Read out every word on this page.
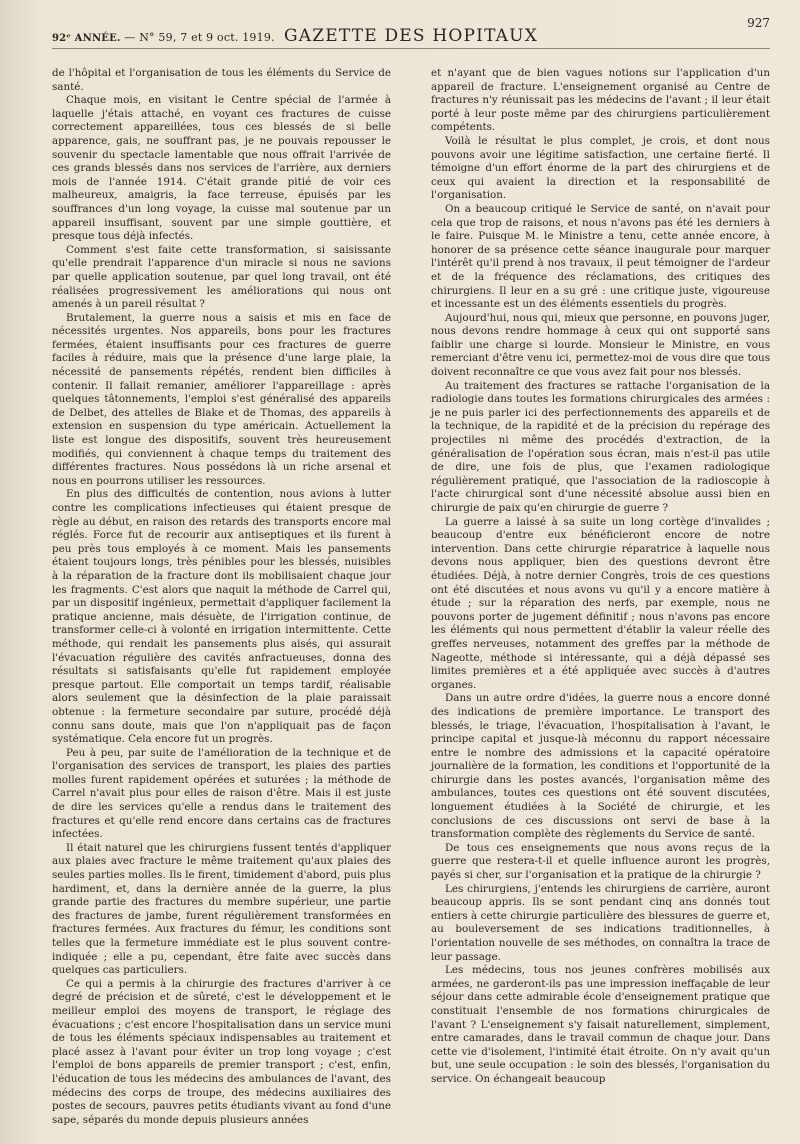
92ᵉ ANNÉE. — N° 59, 7 et 9 oct. 1919. GAZETTE DES HOPITAUX
927

de l'hôpital et l'organisation de tous les éléments du Service de santé.

Chaque mois, en visitant le Centre spécial de l'armée à laquelle j'étais attaché, en voyant ces fractures de cuisse correctement appareillées, tous ces blessés de si belle apparence, gais, ne souffrant pas, je ne pouvais repousser le souvenir du spectacle lamentable que nous offrait l'arrivée de ces grands blessés dans nos services de l'arrière, aux derniers mois de l'année 1914. C'était grande pitié de voir ces malheureux, amaigris, la face terreuse, épuisés par les souffrances d'un long voyage, la cuisse mal soutenue par un appareil insuffisant, souvent par une simple gouttière, et presque tous déjà infectés.

Comment s'est faite cette transformation, si saisissante qu'elle prendrait l'apparence d'un miracle si nous ne savions par quelle application soutenue, par quel long travail, ont été réalisées progressivement les améliorations qui nous ont amenés à un pareil résultat ?

Brutalement, la guerre nous a saisis et mis en face de nécessités urgentes. Nos appareils, bons pour les fractures fermées, étaient insuffisants pour ces fractures de guerre faciles à réduire, mais que la présence d'une large plaie, la nécessité de pansements répétés, rendent bien difficiles à contenir. Il fallait remanier, améliorer l'appareillage : après quelques tâtonnements, l'emploi s'est généralisé des appareils de Delbet, des attelles de Blake et de Thomas, des appareils à extension en suspension du type américain. Actuellement la liste est longue des dispositifs, souvent très heureusement modifiés, qui conviennent à chaque temps du traitement des différentes fractures. Nous possédons là un riche arsenal et nous en pourrons utiliser les ressources.

En plus des difficultés de contention, nous avions à lutter contre les complications infectieuses qui étaient presque de règle au début, en raison des retards des transports encore mal réglés. Force fut de recourir aux antiseptiques et ils furent à peu près tous employés à ce moment. Mais les pansements étaient toujours longs, très pénibles pour les blessés, nuisibles à la réparation de la fracture dont ils mobilisaient chaque jour les fragments. C'est alors que naquit la méthode de Carrel qui, par un dispositif ingénieux, permettait d'appliquer facilement la pratique ancienne, mais désuète, de l'irrigation continue, de transformer celle-ci à volonté en irrigation intermittente. Cette méthode, qui rendait les pansements plus aisés, qui assurait l'évacuation régulière des cavités anfractueuses, donna des résultats si satisfaisants qu'elle fut rapidement employée presque partout. Elle comportait un temps tardif, réalisable alors seulement que la désinfection de la plaie paraissait obtenue : la fermeture secondaire par suture, procédé déjà connu sans doute, mais que l'on n'appliquait pas de façon systématique. Cela encore fut un progrès.

Peu à peu, par suite de l'amélioration de la technique et de l'organisation des services de transport, les plaies des parties molles furent rapidement opérées et suturées ; la méthode de Carrel n'avait plus pour elles de raison d'être. Mais il est juste de dire les services qu'elle a rendus dans le traitement des fractures et qu'elle rend encore dans certains cas de fractures infectées.

Il était naturel que les chirurgiens fussent tentés d'appliquer aux plaies avec fracture le même traitement qu'aux plaies des seules parties molles. Ils le firent, timidement d'abord, puis plus hardiment, et, dans la dernière année de la guerre, la plus grande partie des fractures du membre supérieur, une partie des fractures de jambe, furent régulièrement transformées en fractures fermées. Aux fractures du fémur, les conditions sont telles que la fermeture immédiate est le plus souvent contre-indiquée ; elle a pu, cependant, être faite avec succès dans quelques cas particuliers.

Ce qui a permis à la chirurgie des fractures d'arriver à ce degré de précision et de sûreté, c'est le développement et le meilleur emploi des moyens de transport, le réglage des évacuations ; c'est encore l'hospitalisation dans un service muni de tous les éléments spéciaux indispensables au traitement et placé assez à l'avant pour éviter un trop long voyage ; c'est l'emploi de bons appareils de premier transport ; c'est, enfin, l'éducation de tous les médecins des ambulances de l'avant, des médecins des corps de troupe, des médecins auxiliaires des postes de secours, pauvres petits étudiants vivant au fond d'une sape, séparés du monde depuis plusieurs années

et n'ayant que de bien vagues notions sur l'application d'un appareil de fracture. L'enseignement organisé au Centre de fractures n'y réunissait pas les médecins de l'avant ; il leur était porté à leur poste même par des chirurgiens particulièrement compétents.

Voilà le résultat le plus complet, je crois, et dont nous pouvons avoir une légitime satisfaction, une certaine fierté. Il témoigne d'un effort énorme de la part des chirurgiens et de ceux qui avaient la direction et la responsabilité de l'organisation.

On a beaucoup critiqué le Service de santé, on n'avait pour cela que trop de raisons, et nous n'avons pas été les derniers à le faire. Puisque M. le Ministre a tenu, cette année encore, à honorer de sa présence cette séance inaugurale pour marquer l'intérêt qu'il prend à nos travaux, il peut témoigner de l'ardeur et de la fréquence des réclamations, des critiques des chirurgiens. Il leur en a su gré : une critique juste, vigoureuse et incessante est un des éléments essentiels du progrès.

Aujourd'hui, nous qui, mieux que personne, en pouvons juger, nous devons rendre hommage à ceux qui ont supporté sans faiblir une charge si lourde. Monsieur le Ministre, en vous remerciant d'être venu ici, permettez-moi de vous dire que tous doivent reconnaître ce que vous avez fait pour nos blessés.

Au traitement des fractures se rattache l'organisation de la radiologie dans toutes les formations chirurgicales des armées : je ne puis parler ici des perfectionnements des appareils et de la technique, de la rapidité et de la précision du repérage des projectiles ni même des procédés d'extraction, de la généralisation de l'opération sous écran, mais n'est-il pas utile de dire, une fois de plus, que l'examen radiologique régulièrement pratiqué, que l'association de la radioscopie à l'acte chirurgical sont d'une nécessité absolue aussi bien en chirurgie de paix qu'en chirurgie de guerre ?

La guerre a laissé à sa suite un long cortège d'invalides ; beaucoup d'entre eux bénéficieront encore de notre intervention. Dans cette chirurgie réparatrice à laquelle nous devons nous appliquer, bien des questions devront être étudiées. Déjà, à notre dernier Congrès, trois de ces questions ont été discutées et nous avons vu qu'il y a encore matière à étude ; sur la réparation des nerfs, par exemple, nous ne pouvons porter de jugement définitif ; nous n'avons pas encore les éléments qui nous permettent d'établir la valeur réelle des greffes nerveuses, notamment des greffes par la méthode de Nageotte, méthode si intéressante, qui a déjà dépassé ses limites premières et a été appliquée avec succès à d'autres organes.

Dans un autre ordre d'idées, la guerre nous a encore donné des indications de première importance. Le transport des blessés, le triage, l'évacuation, l'hospitalisation à l'avant, le principe capital et jusque-là méconnu du rapport nécessaire entre le nombre des admissions et la capacité opératoire journalière de la formation, les conditions et l'opportunité de la chirurgie dans les postes avancés, l'organisation même des ambulances, toutes ces questions ont été souvent discutées, longuement étudiées à la Société de chirurgie, et les conclusions de ces discussions ont servi de base à la transformation complète des règlements du Service de santé.

De tous ces enseignements que nous avons reçus de la guerre que restera-t-il et quelle influence auront les progrès, payés si cher, sur l'organisation et la pratique de la chirurgie ?

Les chirurgiens, j'entends les chirurgiens de carrière, auront beaucoup appris. Ils se sont pendant cinq ans donnés tout entiers à cette chirurgie particulière des blessures de guerre et, au bouleversement de ses indications traditionnelles, à l'orientation nouvelle de ses méthodes, on connaîtra la trace de leur passage.

Les médecins, tous nos jeunes confrères mobilisés aux armées, ne garderont-ils pas une impression ineffaçable de leur séjour dans cette admirable école d'enseignement pratique que constituait l'ensemble de nos formations chirurgicales de l'avant ? L'enseignement s'y faisait naturellement, simplement, entre camarades, dans le travail commun de chaque jour. Dans cette vie d'isolement, l'intimité était étroite. On n'y avait qu'un but, une seule occupation : le soin des blessés, l'organisation du service. On échangeait beaucoup
